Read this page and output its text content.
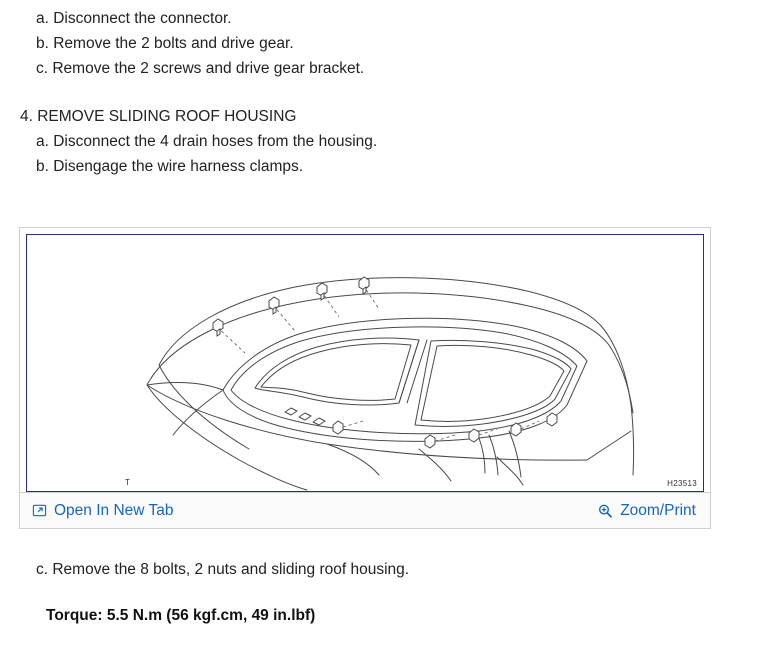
a. Disconnect the connector.
b. Remove the 2 bolts and drive gear.
c. Remove the 2 screws and drive gear bracket.
4. REMOVE SLIDING ROOF HOUSING
a. Disconnect the 4 drain hoses from the housing.
b. Disengage the wire harness clamps.
T	H23513
Open In New Tab	Zoom/Print
c. Remove the 8 bolts, 2 nuts and sliding roof housing.
Torque: 5.5 N.m (56 kgf.cm, 49 in.lbf)
